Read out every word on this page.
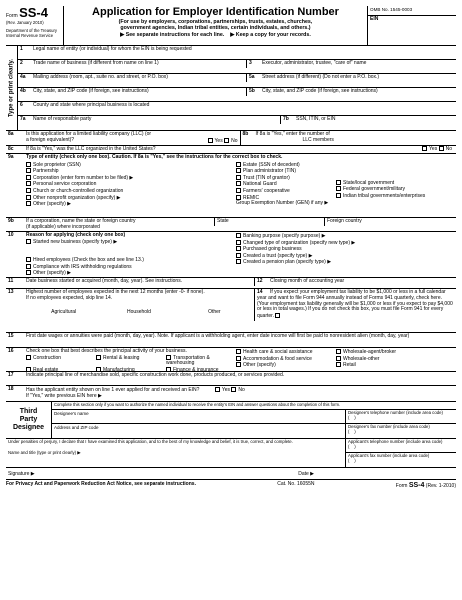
Form SS-4
(Rev. January 2010)
Department of the Treasury
Internal Revenue Service
Application for Employer Identification Number
(For use by employers, corporations, partnerships, trusts, estates, churches,
government agencies, Indian tribal entities, certain individuals, and others.)
▶ See separate instructions for each line. ▶ Keep a copy for your records.
OMB No. 1545-0003
EIN
Type or print clearly.
1 Legal name of entity (or individual) for whom the EIN is being requested
2 Trade name of business (if different from name on line 1)	3 Executor, administrator, trustee, "care of" name
4a Mailing address (room, apt., suite no. and street, or P.O. box)	5a Street address (if different) (Do not enter a P.O. box.)
4b City, state, and ZIP code (if foreign, see instructions)	5b City, state, and ZIP code (if foreign, see instructions)
6 County and state where principal business is located
7a Name of responsible party	7b SSN, ITIN, or EIN
8a	Is this application for a limited liability company (LLC) (or
a foreign equivalent)?	Yes No
8b If 8a is "Yes," enter the number of
LLC members
8c	If 8a is "Yes," was the LLC organized in the United States?	Yes No
9a	Type of entity (check only one box). Caution. If 8a is "Yes," see the instructions for the correct box to check.
Sole proprietor (SSN)
Partnership
Corporation (enter form number to be filed) ▶
Personal service corporation
Church or church-controlled organization
Other nonprofit organization (specify) ▶
Other (specify) ▶
Estate (SSN of decedent)
Plan administrator (TIN)
Trust (TIN of grantor)
National Guard
Farmers' cooperative
REMIC
Group Exemption Number (GEN) if any ▶
State/local government
Federal government/military
Indian tribal governments/enterprises
9b	If a corporation, name the state or foreign country
(if applicable) where incorporated
State	Foreign country
10	Reason for applying (check only one box)
Started new business (specify type) ▶
Hired employees (Check the box and see line 13.)
Compliance with IRS withholding regulations
Other (specify) ▶
Banking purpose (specify purpose) ▶
Changed type of organization (specify new type) ▶
Purchased going business
Created a trust (specify type) ▶
Created a pension plan (specify type) ▶
11	Date business started or acquired (month, day, year). See instructions.	12 Closing month of accounting year
13	Highest number of employees expected in the next 12 months (enter -0- if none).
If no employees expected, skip line 14.
Agricultural	Household	Other
14 If you expect your employment tax liability to be $1,000 or less in a full calendar year and want to file Form 944 annually instead of Forms 941 quarterly, check here. (Your employment tax liability generally will be $1,000 or less if you expect to pay $4,000 or less in total wages.) If you do not check this box, you must file Form 941 for every quarter.
15	First date wages or annuities were paid (month, day, year). Note. If applicant is a withholding agent, enter date income will first be paid to nonresident alien (month, day, year)
16	Check one box that best describes the principal activity of your business.
Construction	Rental & leasing	Transportation & warehousing
Real estate	Manufacturing	Finance & insurance
Health care & social assistance
Accommodation & food service
Other (specify)
Wholesale-agent/broker
Wholesale-other
Retail
17	Indicate principal line of merchandise sold, specific construction work done, products produced, or services provided.
18	Has the applicant entity shown on line 1 ever applied for and received an EIN?	Yes No
If "Yes," write previous EIN here ▶
Third
Party
Designee
Complete this section only if you want to authorize the named individual to receive the entity's EIN and answer questions about the completion of this form.
Designee's name	Designee's telephone number (include area code)
(    )
Address and ZIP code	Designee's fax number (include area code)
(    )
Under penalties of perjury, I declare that I have examined this application, and to the best of my knowledge and belief, it is true, correct, and complete.
Name and title (type or print clearly) ▶
Applicant's telephone number (include area code)
(    )
Applicant's fax number (include area code)
(    )
Signature ▶	Date ▶
For Privacy Act and Paperwork Reduction Act Notice, see separate instructions.	Cat. No. 16055N	Form SS-4 (Rev. 1-2010)
